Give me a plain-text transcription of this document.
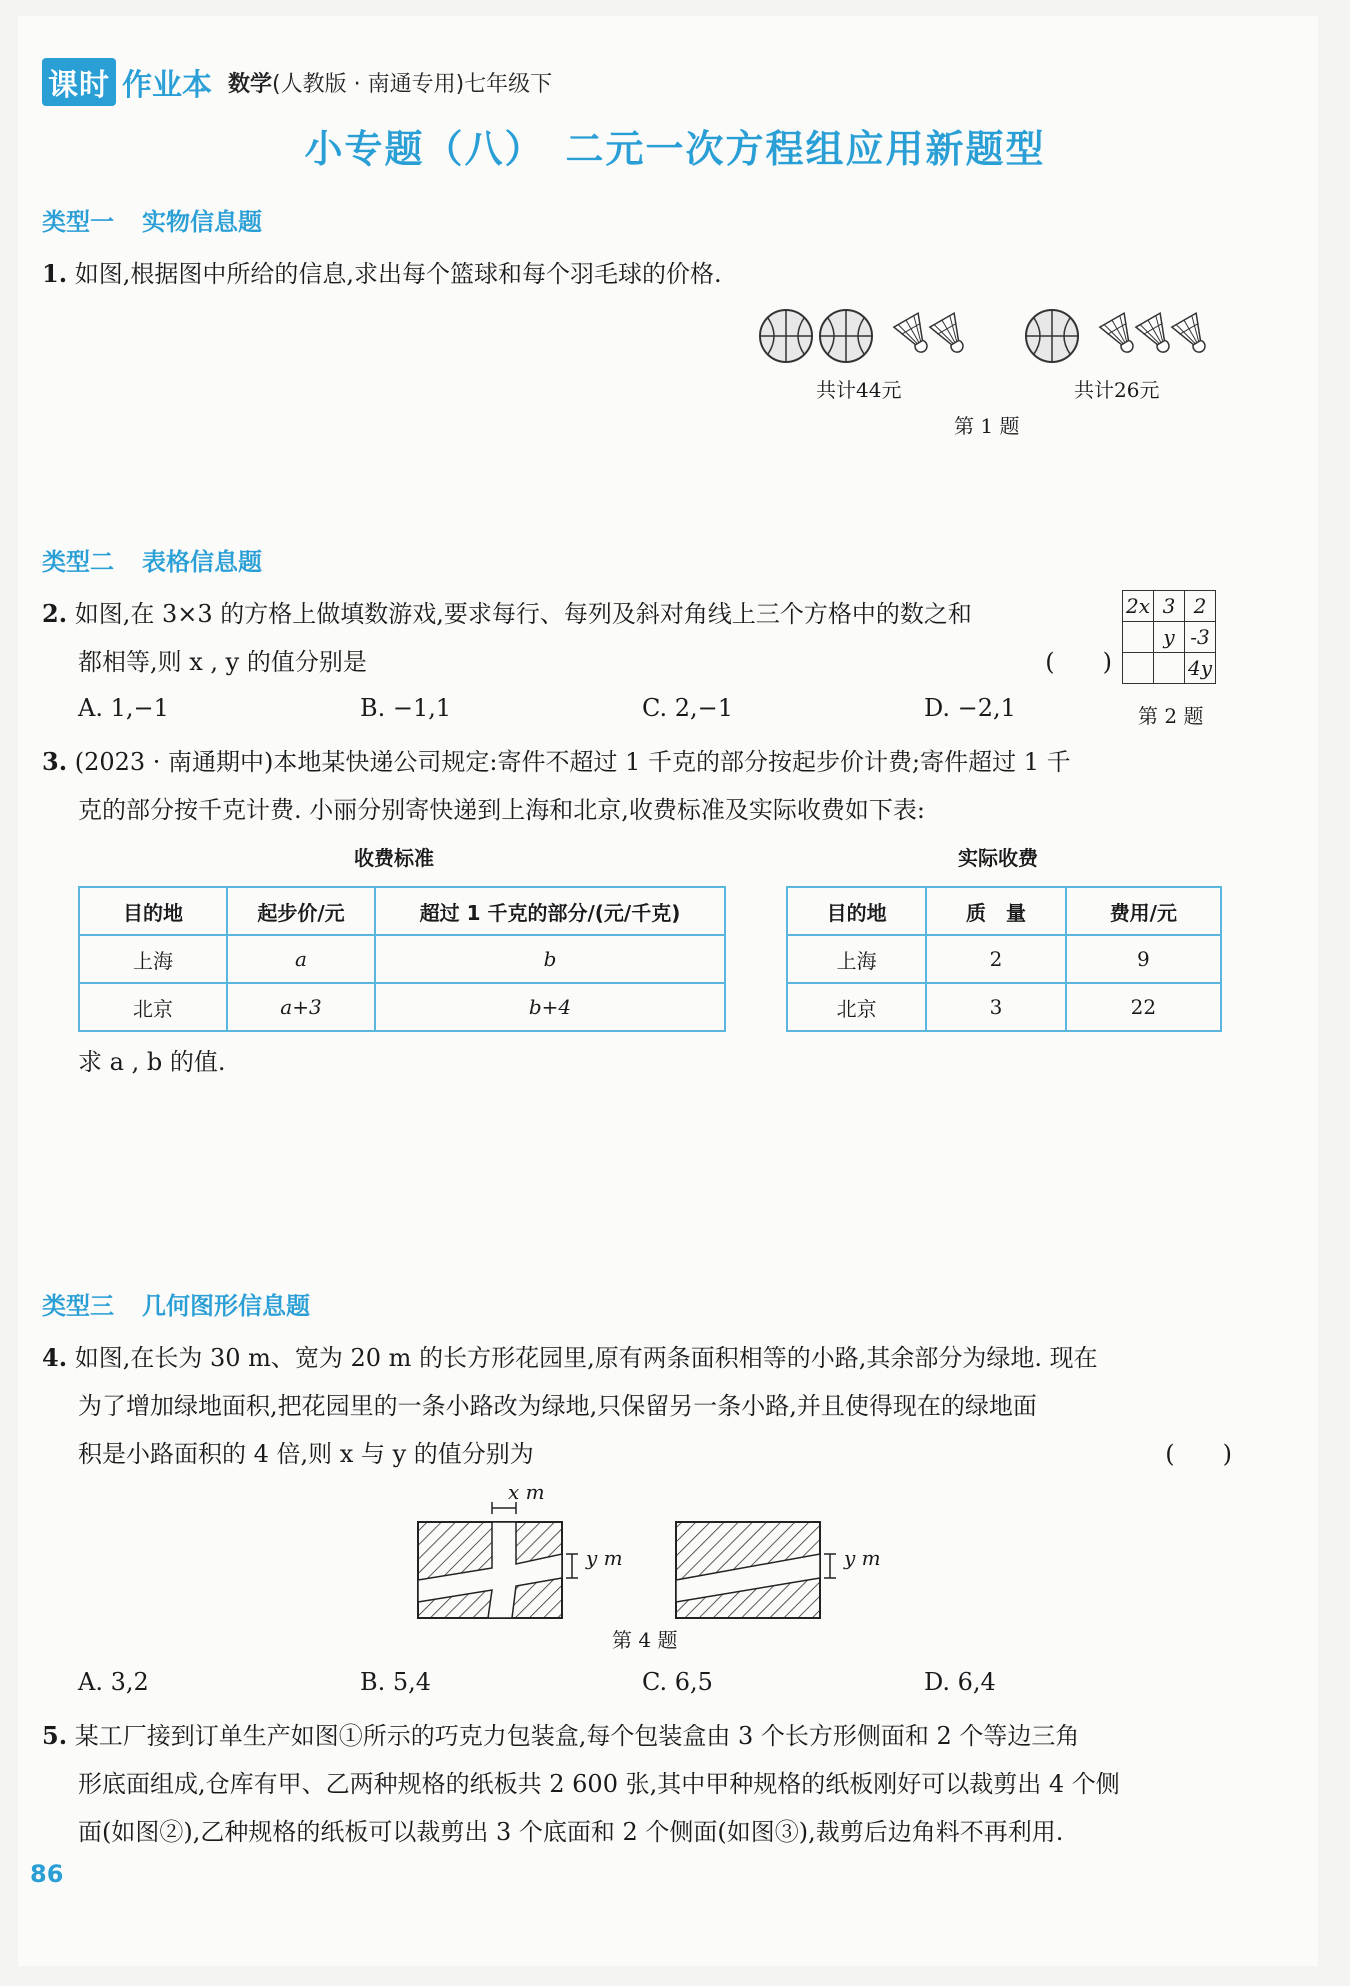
课时 作业本 数学(人教版 · 南通专用)七年级下
小专题（八）　二元一次方程组应用新题型
类型一 实物信息题
1. 如图,根据图中所给的信息,求出每个篮球和每个羽毛球的价格.
共计44元	共计26元
第 1 题
类型二 表格信息题
2. 如图,在 3×3 的方格上做填数游戏,要求每行、每列及斜对角线上三个方格中的数之和
都相等,则 x , y 的值分别是	(　　)
A. 1,−1	B. −1,1	C. 2,−1	D. −2,1
2x	3	2
	y	-3
		4y
第 2 题
3. (2023 · 南通期中)本地某快递公司规定:寄件不超过 1 千克的部分按起步价计费;寄件超过 1 千
克的部分按千克计费. 小丽分别寄快递到上海和北京,收费标准及实际收费如下表:
收费标准	实际收费
目的地	起步价/元	超过 1 千克的部分/(元/千克)
上海	a	b
北京	a+3	b+4
目的地	质　量	费用/元
上海	2	9
北京	3	22
求 a , b 的值.
类型三 几何图形信息题
4. 如图,在长为 30 m、宽为 20 m 的长方形花园里,原有两条面积相等的小路,其余部分为绿地. 现在
为了增加绿地面积,把花园里的一条小路改为绿地,只保留另一条小路,并且使得现在的绿地面
积是小路面积的 4 倍,则 x 与 y 的值分别为	(　　)
x m
y m	y m
第 4 题
A. 3,2	B. 5,4	C. 6,5	D. 6,4
5. 某工厂接到订单生产如图①所示的巧克力包装盒,每个包装盒由 3 个长方形侧面和 2 个等边三角
形底面组成,仓库有甲、乙两种规格的纸板共 2 600 张,其中甲种规格的纸板刚好可以裁剪出 4 个侧
面(如图②),乙种规格的纸板可以裁剪出 3 个底面和 2 个侧面(如图③),裁剪后边角料不再利用.
86
